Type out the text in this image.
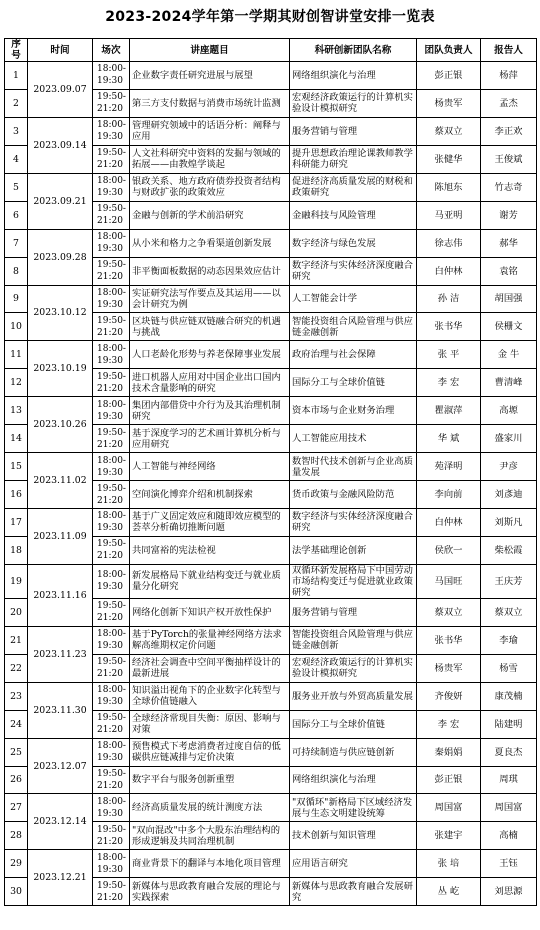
2023-2024学年第一学期其财创智讲堂安排一览表
序号	时间	场次	讲座题目	科研创新团队名称	团队负责人	报告人
1	2023.09.07	18:00-
19:30	企业数字责任研究进展与展望	网络组织演化与治理	彭正银	杨萍
2		19:50-
21:20	第三方支付数据与消费市场统计监测	宏观经济政策运行的计算机实验设计模拟研究	杨贵军	孟杰
3	2023.09.14	18:00-
19:30	管理研究领域中的话语分析：阐释与应用	服务营销与管理	蔡双立	李正欢
4		19:50-
21:20	人文社科研究中资料的发掘与领域的拓展——由教煌学谈起	提升思想政治理论课教师教学科研能力研究	张健华	王俊斌
5	2023.09.21	18:00-
19:30	银政关系、地方政府债券投资者结构与财政扩张的政策效应	促进经济高质量发展的财税和政策研究	陈旭东	竹志奇
6		19:50-
21:20	金融与创新的学术前沿研究	金融科技与风险管理	马亚明	谢芳
7	2023.09.28	18:00-
19:30	从小米和格力之争看渠道创新发展	数字经济与绿色发展	徐志伟	郝华
8		19:50-
21:20	非平衡面板数据的动态因果效应估计	数字经济与实体经济深度融合研究	白仲林	袁铭
9	2023.10.12	18:00-
19:30	实证研究法写作要点及其运用——以会计研究为例	人工智能会计学	孙 洁	胡国强
10		19:50-
21:20	区块链与供应链双链融合研究的机遇与挑战	智能投资组合风险管理与供应链金融创新	张书华	侯栅文
11	2023.10.19	18:00-
19:30	人口老龄化形势与养老保障事业发展	政府治理与社会保障	张 平	金 牛
12		19:50-
21:20	进口机器人应用对中国企业出口国内技术含量影响的研究	国际分工与全球价值链	李 宏	曹清峰
13	2023.10.26	18:00-
19:30	集团内部借贷中介行为及其治理机制研究	资本市场与企业财务治理	瞿淑萍	高塬
14		19:50-
21:20	基于深度学习的艺术画计算机分析与应用研究	人工智能应用技术	华 斌	盛家川
15	2023.11.02	18:00-
19:30	人工智能与神经网络	数智时代技术创新与企业高质量发展	苑泽明	尹彦
16		19:50-
21:20	空间演化博弈介绍和机制探索	货币政策与金融风险防范	李向前	刘彥迪
17	2023.11.09	18:00-
19:30	基于广义固定效应和随即效应模型的荟萃分析确切推断问题	数字经济与实体经济深度融合研究	白仲林	刘斯凡
18		19:50-
21:20	共同富裕的宪法检视	法学基础理论创新	侯欣一	柴松霞
19	2023.11.16	18:00-
19:30	新发展格局下就业结构变迁与就业质量分化研究	双循环新发展格局下中国劳动市场结构变迁与促进就业政策研究	马国旺	王庆芳
20		19:50-
21:20	网络化创新下知识产权开放性保护	服务营销与管理	蔡双立	蔡双立
21	2023.11.23	18:00-
19:30	基于PyTorch的张量神经网络方法求解高维期权定价问题	智能投资组合风险管理与供应链金融创新	张书华	李瑜
22		19:50-
21:20	经济社会调查中空间平衡抽样设计的最新进展	宏观经济政策运行的计算机实验设计模拟研究	杨贵军	杨雪
23	2023.11.30	18:00-
19:30	知识溢出视角下的企业数字化转型与全球价值链融入	服务业开放与外贸高质量发展	齐俊妍	康茂楠
24		19:50-
21:20	全球经济常现目失衡：原因、影响与对策	国际分工与全球价值链	李 宏	陆建明
25	2023.12.07	18:00-
19:30	预售模式下考虑消费者过度自信的低碳供应链减排与定价决策	可持续制造与供应链创新	秦娟娟	夏良杰
26		19:50-
21:20	数字平台与服务创新重塑	网络组织演化与治理	彭正银	周琪
27	2023.12.14	18:00-
19:30	经济高质量发展的统计测度方法	"双循环"新格局下区域经济发展与生态文明建设统筹	周国富	周国富
28		19:50-
21:20	"双向混改"中多个大股东治理结构的形成逻辑及共同治理机制	技术创新与知识管理	张建宇	高楠
29	2023.12.21	18:00-
19:30	商业背景下的翻译与本地化项目管理	应用语言研究	张 培	王钰
30		19:50-
21:20	新媒体与思政教育融合发展的理论与实践探索	新媒体与思政教育融合发展研究	丛 屹	刘思源
